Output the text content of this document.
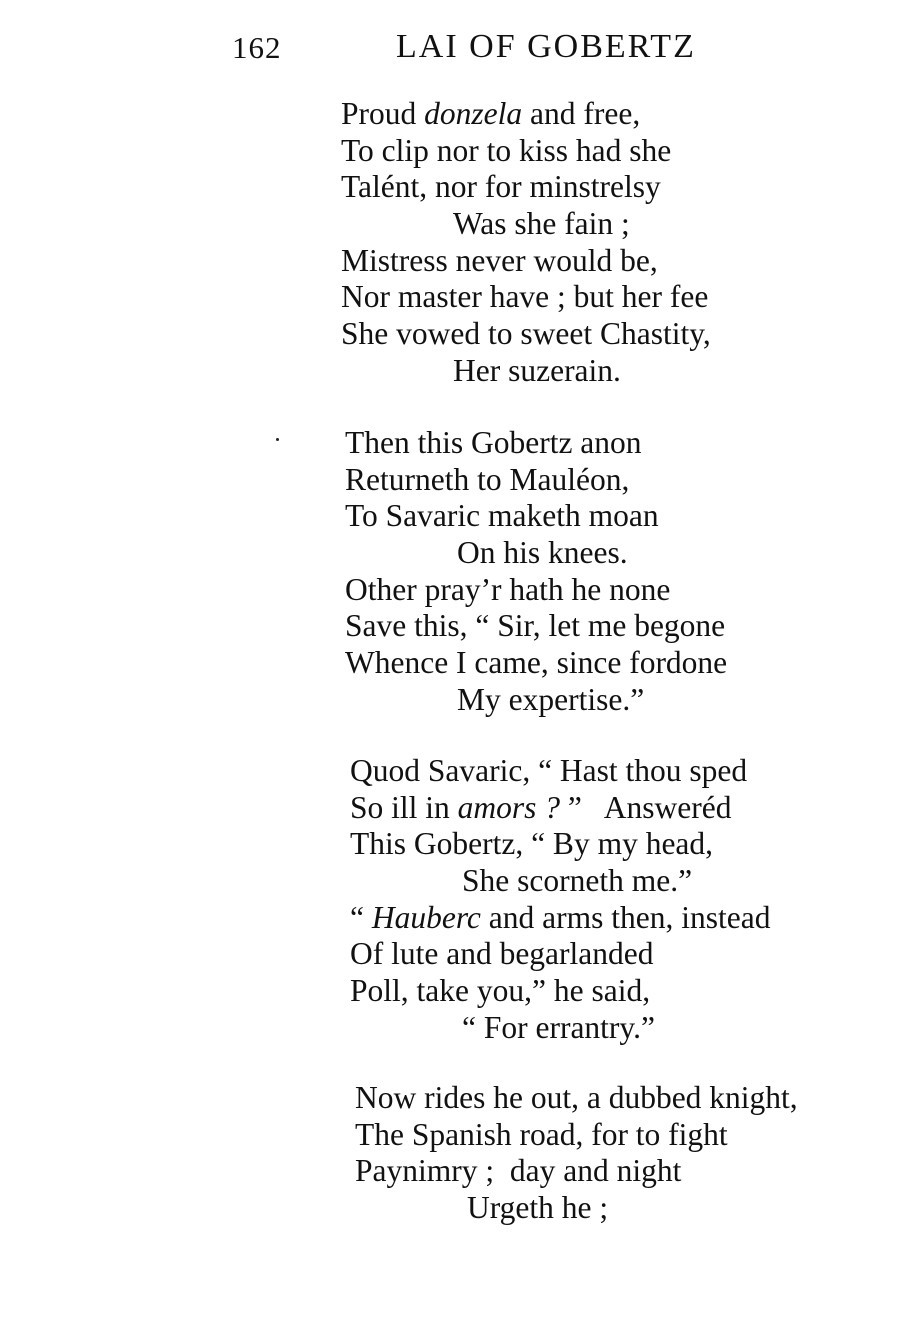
162	LAI OF GOBERTZ
Proud donzela and free,
To clip nor to kiss had she
Talént, nor for minstrelsy
Was she fain ;
Mistress never would be,
Nor master have ; but her fee
She vowed to sweet Chastity,
Her suzerain.
Then this Gobertz anon
Returneth to Mauléon,
To Savaric maketh moan
On his knees.
Other pray’r hath he none
Save this, “ Sir, let me begone
Whence I came, since fordone
My expertise.”
Quod Savaric, “ Hast thou sped
So ill in amors ? ”   Answeréd
This Gobertz, “ By my head,
She scorneth me.”
“ Hauberc and arms then, instead
Of lute and begarlanded
Poll, take you,” he said,
“ For errantry.”
Now rides he out, a dubbed knight,
The Spanish road, for to fight
Paynimry ;  day and night
Urgeth he ;
